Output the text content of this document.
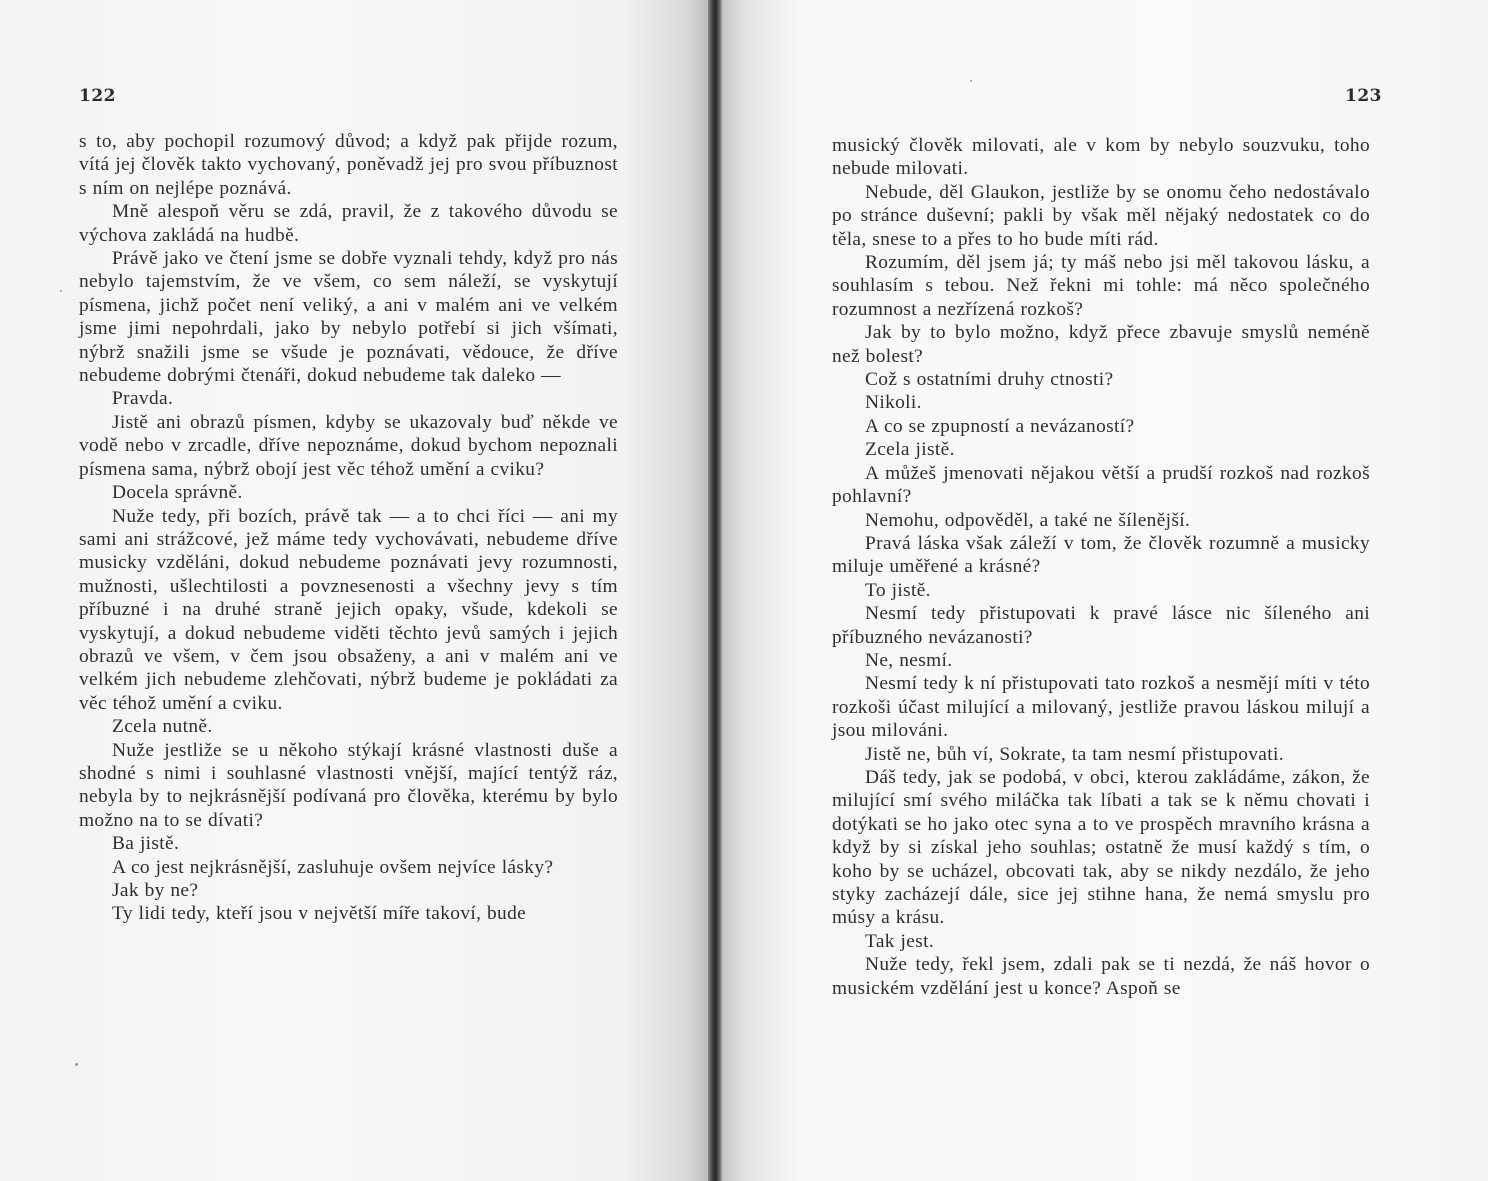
122

s to, aby pochopil rozumový důvod; a když pak přijde rozum, vítá jej člověk takto vychovaný, poněvadž jej pro svou příbuznost s ním on nejlépe poznává.

Mně alespoň věru se zdá, pravil, že z takového důvodu se výchova zakládá na hudbě.

Právě jako ve čtení jsme se dobře vyznali tehdy, když pro nás nebylo tajemstvím, že ve všem, co sem náleží, se vyskytují písmena, jichž počet není veliký, a ani v malém ani ve velkém jsme jimi nepohrdali, jako by nebylo potřebí si jich všímati, nýbrž snažili jsme se všude je poznávati, vědouce, že dříve nebudeme dobrými čtenáři, dokud nebudeme tak daleko —

Pravda.

Jistě ani obrazů písmen, kdyby se ukazovaly buď někde ve vodě nebo v zrcadle, dříve nepoznáme, dokud bychom nepoznali písmena sama, nýbrž obojí jest věc téhož umění a cviku?

Docela správně.

Nuže tedy, při bozích, právě tak — a to chci říci — ani my sami ani strážcové, jež máme tedy vychovávati, nebudeme dříve musicky vzděláni, dokud nebudeme poznávati jevy rozumnosti, mužnosti, ušlechtilosti a povznesenosti a všechny jevy s tím příbuzné i na druhé straně jejich opaky, všude, kdekoli se vyskytují, a dokud nebudeme viděti těchto jevů samých i jejich obrazů ve všem, v čem jsou obsaženy, a ani v malém ani ve velkém jich nebudeme zlehčovati, nýbrž budeme je pokládati za věc téhož umění a cviku.

Zcela nutně.

Nuže jestliže se u někoho stýkají krásné vlastnosti duše a shodné s nimi i souhlasné vlastnosti vnější, mající tentýž ráz, nebyla by to nejkrásnější podívaná pro člověka, kterému by bylo možno na to se dívati?

Ba jistě.

A co jest nejkrásnější, zasluhuje ovšem nejvíce lásky?

Jak by ne?

Ty lidi tedy, kteří jsou v největší míře takoví, bude

123

musický člověk milovati, ale v kom by nebylo souzvuku, toho nebude milovati.

Nebude, děl Glaukon, jestliže by se onomu čeho nedostávalo po stránce duševní; pakli by však měl nějaký nedostatek co do těla, snese to a přes to ho bude míti rád.

Rozumím, děl jsem já; ty máš nebo jsi měl takovou lásku, a souhlasím s tebou. Než řekni mi tohle: má něco společného rozumnost a nezřízená rozkoš?

Jak by to bylo možno, když přece zbavuje smyslů neméně než bolest?

Což s ostatními druhy ctnosti?

Nikoli.

A co se zpupností a nevázaností?

Zcela jistě.

A můžeš jmenovati nějakou větší a prudší rozkoš nad rozkoš pohlavní?

Nemohu, odpověděl, a také ne šílenější.

Pravá láska však záleží v tom, že člověk rozumně a musicky miluje uměřené a krásné?

To jistě.

Nesmí tedy přistupovati k pravé lásce nic šíleného ani příbuzného nevázanosti?

Ne, nesmí.

Nesmí tedy k ní přistupovati tato rozkoš a nesmějí míti v této rozkoši účast milující a milovaný, jestliže pravou láskou milují a jsou milováni.

Jistě ne, bůh ví, Sokrate, ta tam nesmí přistupovati.

Dáš tedy, jak se podobá, v obci, kterou zakládáme, zákon, že milující smí svého miláčka tak líbati a tak se k němu chovati i dotýkati se ho jako otec syna a to ve prospěch mravního krásna a když by si získal jeho souhlas; ostatně že musí každý s tím, o koho by se ucházel, obcovati tak, aby se nikdy nezdálo, že jeho styky zacházejí dále, sice jej stihne hana, že nemá smyslu pro músy a krásu.

Tak jest.

Nuže tedy, řekl jsem, zdali pak se ti nezdá, že náš hovor o musickém vzdělání jest u konce? Aspoň se
